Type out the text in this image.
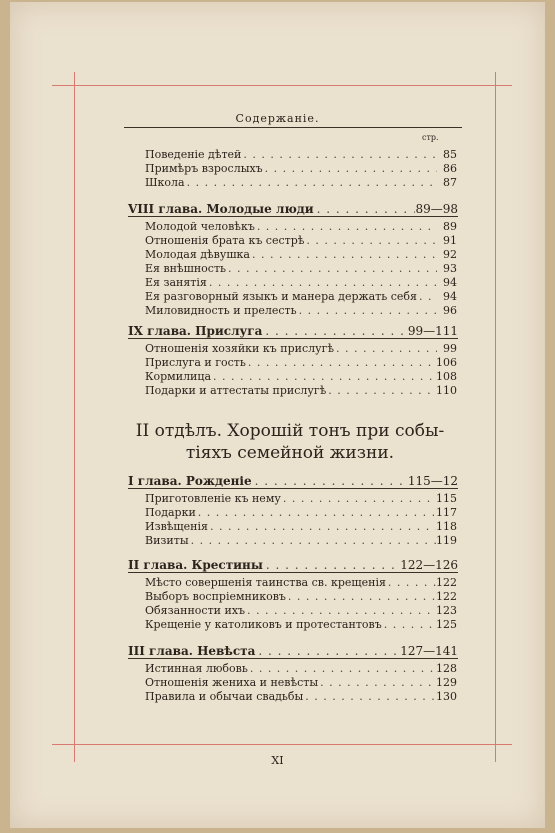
Содержаніе.
стр.
Поведеніе дѣтей . . .	85
Примѣръ взрослыхъ . . .	86
Школа . . .	87
VIII глава. Молодые люди . . .	89—98
Молодой человѣкъ . . .	89
Отношенія брата къ сестрѣ . . .	91
Молодая дѣвушка . . .	92
Ея внѣшность . . .	93
Ея занятія . . .	94
Ея разговорный языкъ и манера держать себя . . .	94
Миловидность и прелесть . . .	96
IX глава. Прислуга . . .	99—111
Отношенія хозяйки къ прислугѣ . . .	99
Прислуга и гость . . .	106
Кормилица . . .	108
Подарки и аттестаты прислугѣ . . .	110
II отдѣлъ. Хорошій тонъ при собы-
тіяхъ семейной жизни.
I глава. Рожденіе . . .	115—12
Приготовленіе къ нему . . .	115
Подарки . . .	117
Извѣщенія . . .	118
Визиты . . .	119
II глава. Крестины . . .	122—126
Мѣсто совершенія таинства св. крещенія . . .	122
Выборъ воспріемниковъ . . .	122
Обязанности ихъ . . .	123
Крещеніе у католиковъ и протестантовъ . . .	125
III глава. Невѣста . . .	127—141
Истинная любовь . . .	128
Отношенія жениха и невѣсты . . .	129
Правила и обычаи свадьбы . . .	130
XI
